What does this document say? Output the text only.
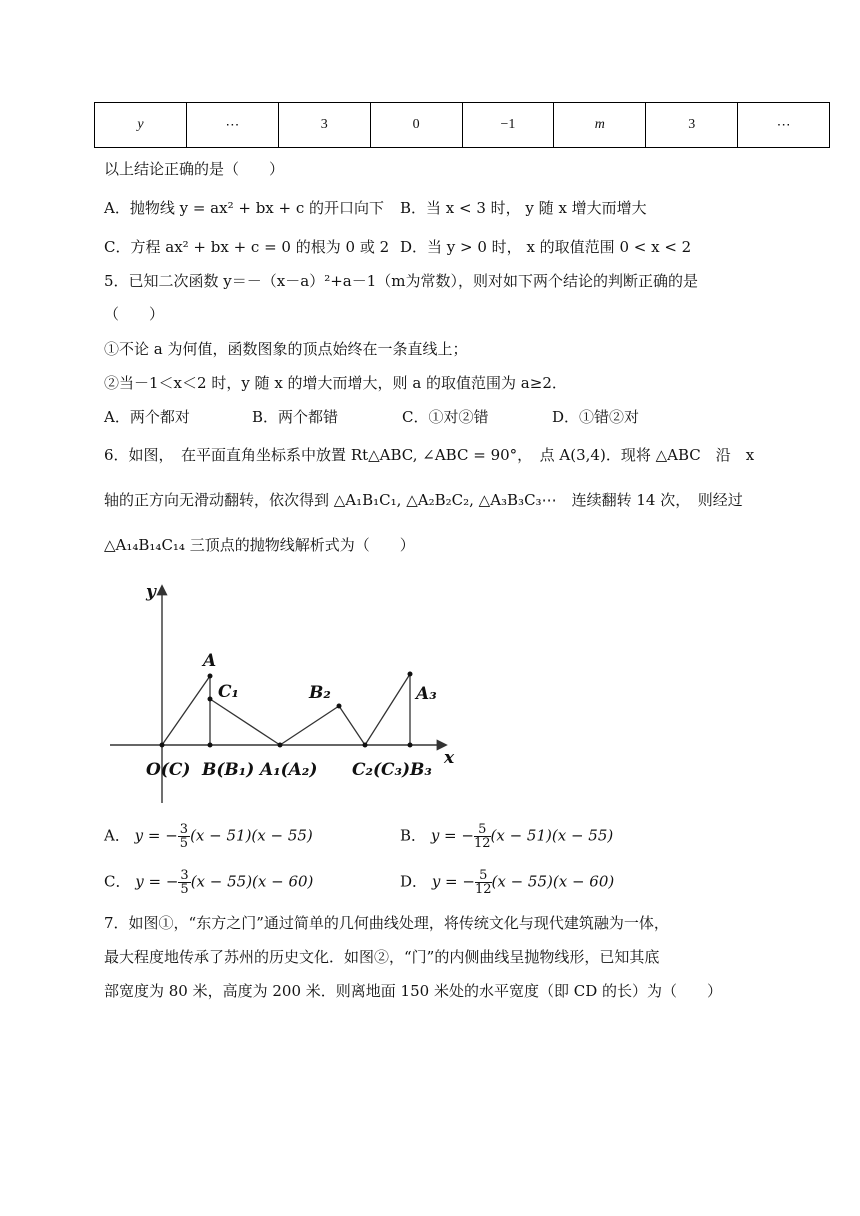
y	⋯	3	0	−1	m	3	⋯
以上结论正确的是（　　）
A．抛物线 y = ax² + bx + c 的开口向下 B．当 x < 3 时， y 随 x 增大而增大
C．方程 ax² + bx + c = 0 的根为 0 或 2 D．当 y > 0 时， x 的取值范围 0 < x < 2
5．已知二次函数 y＝－（x－a）²+a－1（m为常数），则对如下两个结论的判断正确的是
（　　）
①不论 a 为何值，函数图象的顶点始终在一条直线上；
②当－1＜x＜2 时，y 随 x 的增大而增大，则 a 的取值范围为 a≥2．
A．两个都对	B．两个都错	C．①对②错	D．①错②对
6．如图，　在平面直角坐标系中放置 Rt△ABC, ∠ABC = 90°，　点 A(3,4)．现将 △ABC　沿　x
轴的正方向无滑动翻转，依次得到 △A₁B₁C₁, △A₂B₂C₂, △A₃B₃C₃⋯　连续翻转 14 次，　则经过
△A₁₄B₁₄C₁₄ 三顶点的抛物线解析式为（　　）
y
x
A
C₁	B₂	A₃
O(C) B(B₁) A₁(A₂) C₂(C₃)B₃
A． y = − $\frac{3}{5} (x - 51)(x - 55)$	B． y = − $\frac{5}{12} (x - 51)(x - 55)$
C． y = − $\frac{3}{5} (x - 55)(x - 60)$	D． y = − $\frac{5}{12} (x - 55)(x - 60)$
7．如图①，“东方之门”通过简单的几何曲线处理，将传统文化与现代建筑融为一体，
最大程度地传承了苏州的历史文化．如图②，“门”的内侧曲线呈抛物线形，已知其底
部宽度为 80 米，高度为 200 米．则离地面 150 米处的水平宽度（即 CD 的长）为（　　）
